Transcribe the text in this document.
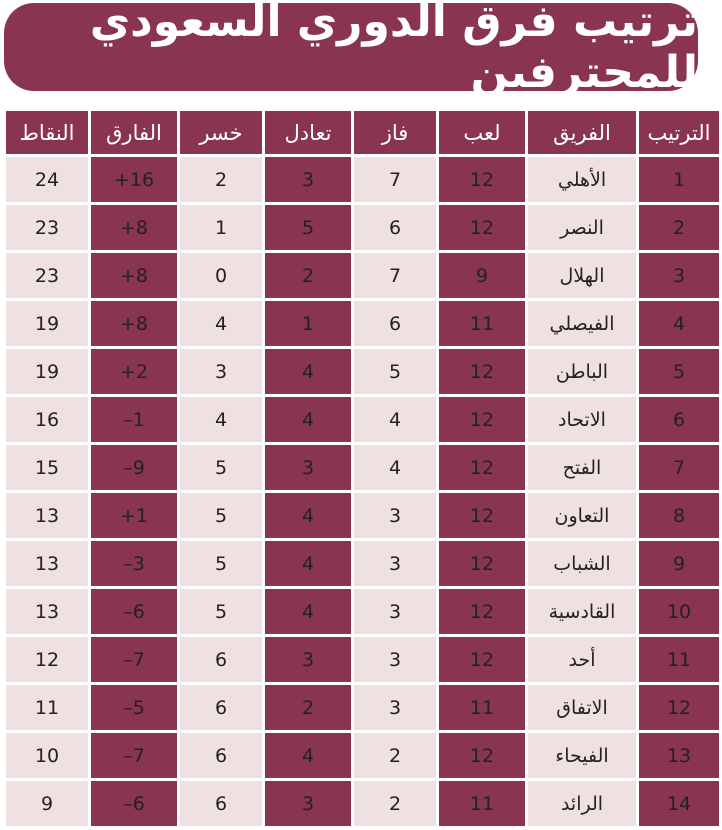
ترتيب فرق الدوري السعودي للمحترفين
الترتيب	الفريق	لعب	فاز	تعادل	خسر	الفارق	النقاط
1	الأهلي	12	7	3	2	+16	24
2	النصر	12	6	5	1	+8	23
3	الهلال	9	7	2	0	+8	23
4	الفيصلي	11	6	1	4	+8	19
5	الباطن	12	5	4	3	+2	19
6	الاتحاد	12	4	4	4	–1	16
7	الفتح	12	4	3	5	–9	15
8	التعاون	12	3	4	5	+1	13
9	الشباب	12	3	4	5	–3	13
10	القادسية	12	3	4	5	–6	13
11	أحد	12	3	3	6	–7	12
12	الاتفاق	11	3	2	6	–5	11
13	الفيحاء	12	2	4	6	–7	10
14	الرائد	11	2	3	6	–6	9
